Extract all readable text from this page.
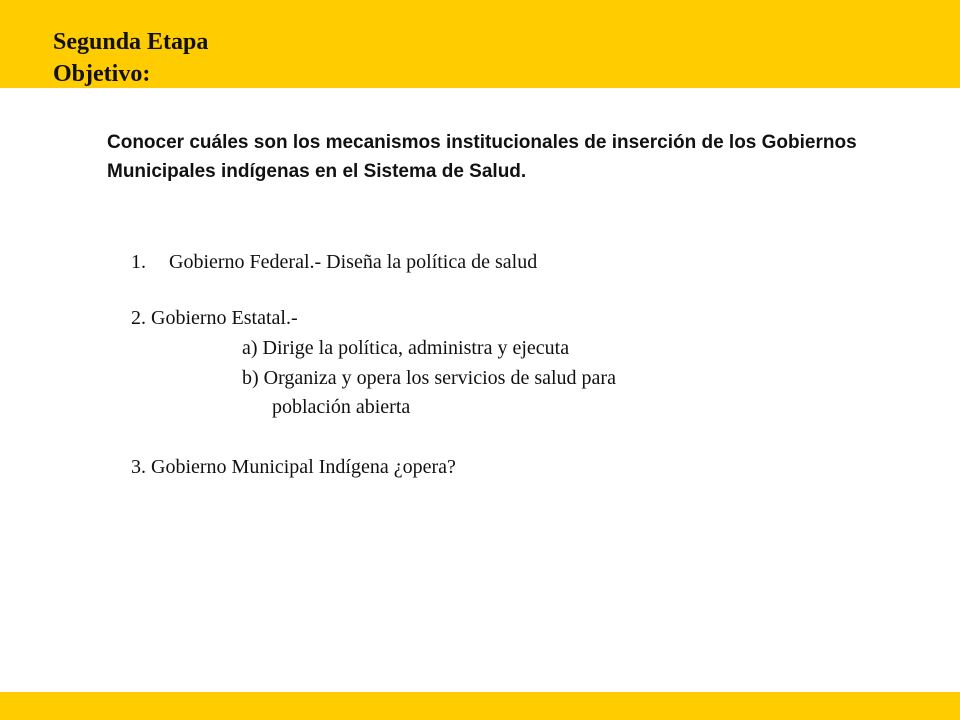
Segunda Etapa
Objetivo:
Conocer cuáles son los mecanismos institucionales de inserción de los Gobiernos Municipales indígenas en el Sistema de Salud.
1. Gobierno Federal.- Diseña la política de salud
2. Gobierno Estatal.-
a) Dirige la política, administra y ejecuta
b) Organiza y opera los servicios de salud para
población abierta
3. Gobierno Municipal Indígena ¿opera?
